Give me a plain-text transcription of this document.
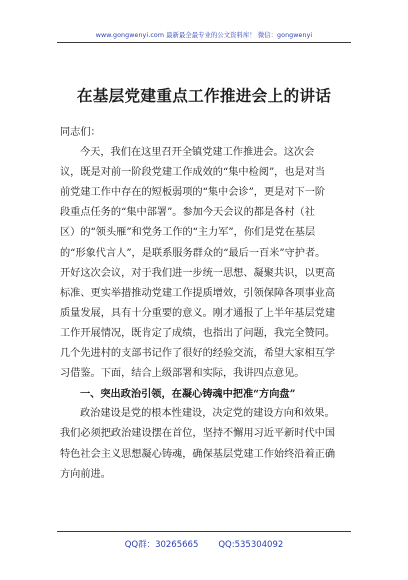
www.gongwenyi.com 最新最全最专业的公文资料库！ 微信：gongwenyi
在基层党建重点工作推进会上的讲话
同志们：
今天，我们在这里召开全镇党建工作推进会。这次会
议，既是对前一阶段党建工作成效的“集中检阅”，也是对当
前党建工作中存在的短板弱项的“集中会诊”，更是对下一阶
段重点任务的“集中部署”。参加今天会议的都是各村（社
区）的“领头雁”和党务工作的“主力军”，你们是党在基层
的“形象代言人”，是联系服务群众的“最后一百米”守护者。
开好这次会议，对于我们进一步统一思想、凝聚共识，以更高
标准、更实举措推动党建工作提质增效，引领保障各项事业高
质量发展，具有十分重要的意义。刚才通报了上半年基层党建
工作开展情况，既肯定了成绩，也指出了问题，我完全赞同。
几个先进村的支部书记作了很好的经验交流，希望大家相互学
习借鉴。下面，结合上级部署和实际，我讲四点意见。
一、突出政治引领，在凝心铸魂中把准“方向盘”
政治建设是党的根本性建设，决定党的建设方向和效果。
我们必须把政治建设摆在首位，坚持不懈用习近平新时代中国
特色社会主义思想凝心铸魂，确保基层党建工作始终沿着正确
方向前进。
QQ群：30265665 QQ:535304092
